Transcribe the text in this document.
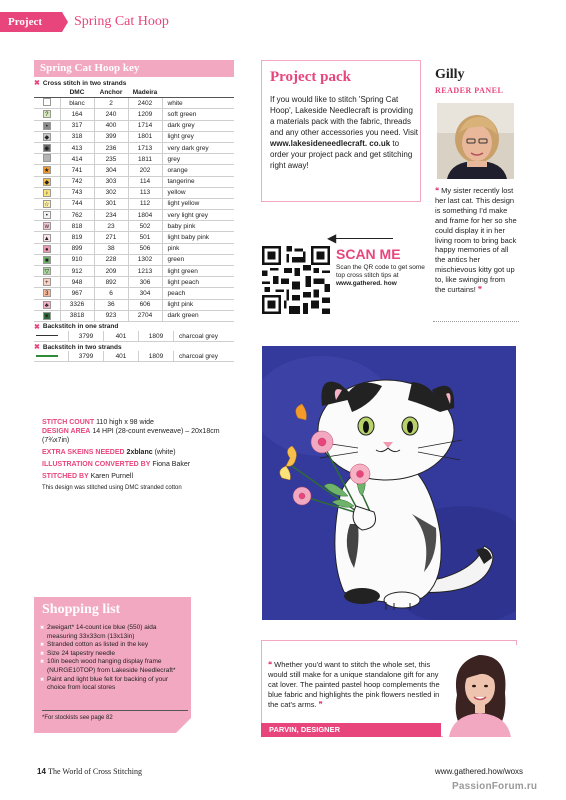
Project	Spring Cat Hoop
Spring Cat Hoop key
✖ Cross stitch in two strands
	DMC	Anchor	Madeira	
	blanc	2	2402	white
?	164	240	1209	soft green
•	317	400	1714	dark grey
◆	318	399	1801	light grey
◆	413	236	1713	very dark grey
	414	235	1811	grey
★	741	304	202	orange
◆	742	303	114	tangerine
♀	743	302	113	yellow
☆	744	301	112	light yellow
•	762	234	1804	very light grey
w	818	23	502	baby pink
▲	819	271	501	light baby pink
●	899	38	506	pink
■	910	228	1302	green
▽	912	209	1213	light green
+	948	892	306	light peach
3	967	6	304	peach
♣	3326	36	606	light pink
▼	3818	923	2704	dark green
✖ Backstitch in one strand
	3799	401	1809	charcoal grey
✖ Backstitch in two strands
	3799	401	1809	charcoal grey
STITCH COUNT 110 high x 98 wide
DESIGN AREA 14 HPI (28-count everweave) – 20x18cm (7¾x7in)
EXTRA SKEINS NEEDED 2xblanc (white)
ILLUSTRATION CONVERTED BY Fiona Baker
STITCHED BY Karen Purnell
This design was stitched using DMC stranded cotton
Project pack
If you would like to stitch 'Spring Cat Hoop', Lakeside Needlecraft is providing a materials pack with the fabric, threads and any other accessories you need. Visit www.lakesideneedlecraft. co.uk to order your project pack and get stitching right away!
◀
SCAN ME
Scan the QR code to get some top cross stitch tips at www.gathered. how
Gilly
READER PANEL
❝ My sister recently lost her last cat. This design is something I'd make and frame for her so she could display it in her living room to bring back happy memories of all the antics her mischievous kitty got up to, like swinging from the curtains! ❞
Shopping list
✖ 2weigart* 14-count ice blue (550) aida measuring 33x33cm (13x13in)
✖ Stranded cotton as listed in the key
✖ Size 24 tapestry needle
✖ 10in beech wood hanging display frame (NURGE10TOP) from Lakeside Needlecraft*
✖ Paint and light blue felt for backing of your choice from local stores
*For stockists see page 82
❝ Whether you'd want to stitch the whole set, this would still make for a unique standalone gift for any cat lover. The painted pastel hoop complements the blue fabric and highlights the pink flowers nestled in the cat's arms. ❞
PARVIN, DESIGNER
14 The World of Cross Stitching	www.gathered.how/woxs
PassionForum.ru
